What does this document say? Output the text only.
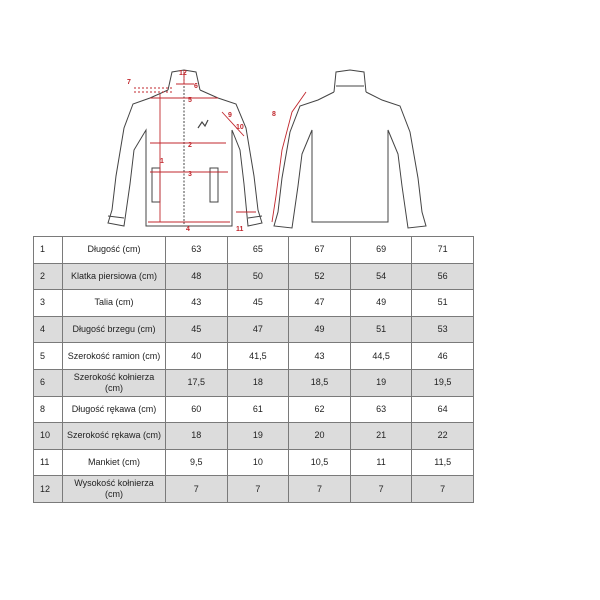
1
2
3
4
5
6
7
8
9
10
11
12
1	Długość (cm)	63	65	67	69	71
2	Klatka piersiowa (cm)	48	50	52	54	56
3	Talia (cm)	43	45	47	49	51
4	Długość brzegu (cm)	45	47	49	51	53
5	Szerokość ramion (cm)	40	41,5	43	44,5	46
6	Szerokość kołnierza (cm)	17,5	18	18,5	19	19,5
8	Długość rękawa (cm)	60	61	62	63	64
10	Szerokość rękawa (cm)	18	19	20	21	22
11	Mankiet (cm)	9,5	10	10,5	11	11,5
12	Wysokość kołnierza (cm)	7	7	7	7	7
